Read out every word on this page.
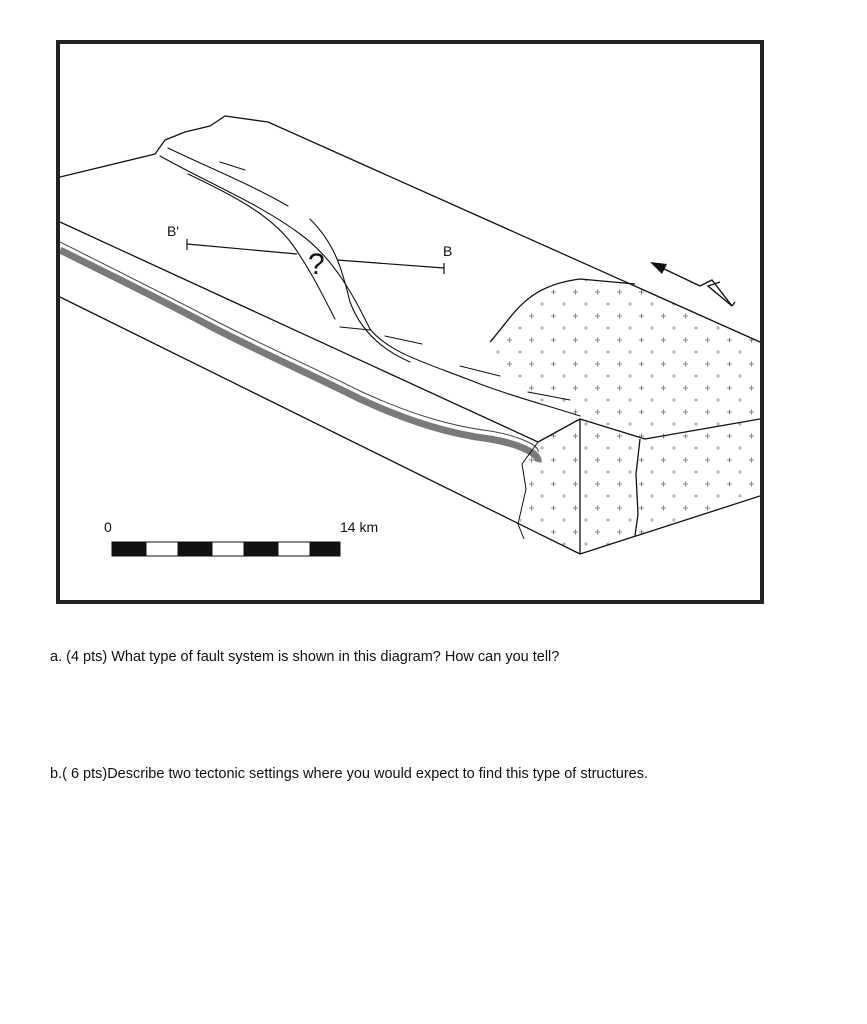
B'
B
?
0	14 km

a. (4 pts) What type of fault system is shown in this diagram? How can you tell?

b.( 6 pts)Describe two tectonic settings where you would expect to find this type of structures.
